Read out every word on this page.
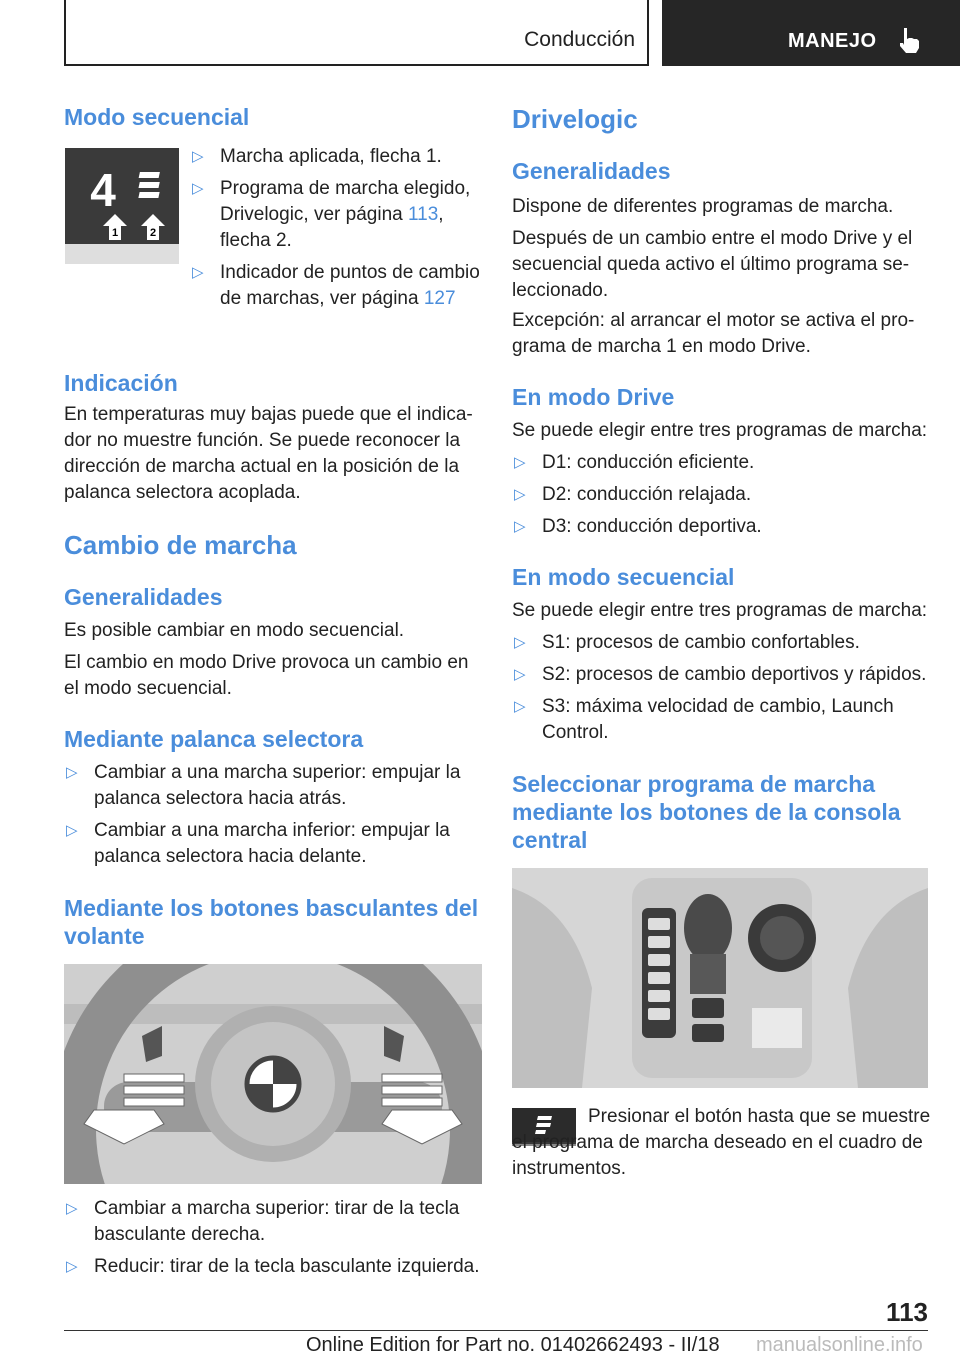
Conducción	MANEJO
Modo secuencial
4
1	2
▷ Marcha aplicada, flecha 1.
▷ Programa de marcha elegido, Drivelogic, ver página 113, flecha 2.
▷ Indicador de puntos de cambio de marchas, ver página 127
Indicación

En temperaturas muy bajas puede que el indicador no muestre función. Se puede reconocer la dirección de marcha actual en la posición de la palanca selectora acoplada.

Cambio de marcha
Generalidades

Es posible cambiar en modo secuencial.

El cambio en modo Drive provoca un cambio en el modo secuencial.

Mediante palanca selectora
▷ Cambiar a una marcha superior: empujar la palanca selectora hacia atrás.
▷ Cambiar a una marcha inferior: empujar la palanca selectora hacia delante.
Mediante los botones basculantes del volante
▷ Cambiar a marcha superior: tirar de la tecla basculante derecha.
▷ Reducir: tirar de la tecla basculante izquierda.
Drivelogic
Generalidades

Dispone de diferentes programas de marcha.

Después de un cambio entre el modo Drive y el secuencial queda activo el último programa seleccionado.

Excepción: al arrancar el motor se activa el programa de marcha 1 en modo Drive.

En modo Drive

Se puede elegir entre tres programas de marcha:

▷ D1: conducción eficiente.
▷ D2: conducción relajada.
▷ D3: conducción deportiva.
En modo secuencial

Se puede elegir entre tres programas de marcha:

▷ S1: procesos de cambio confortables.
▷ S2: procesos de cambio deportivos y rápidos.
▷ S3: máxima velocidad de cambio, Launch Control.
Seleccionar programa de marcha mediante los botones de la consola central

Presionar el botón hasta que se muestre el programa de marcha deseado en el cuadro de instrumentos.

113
Online Edition for Part no. 01402662493 - II/18 manualsonline.info
